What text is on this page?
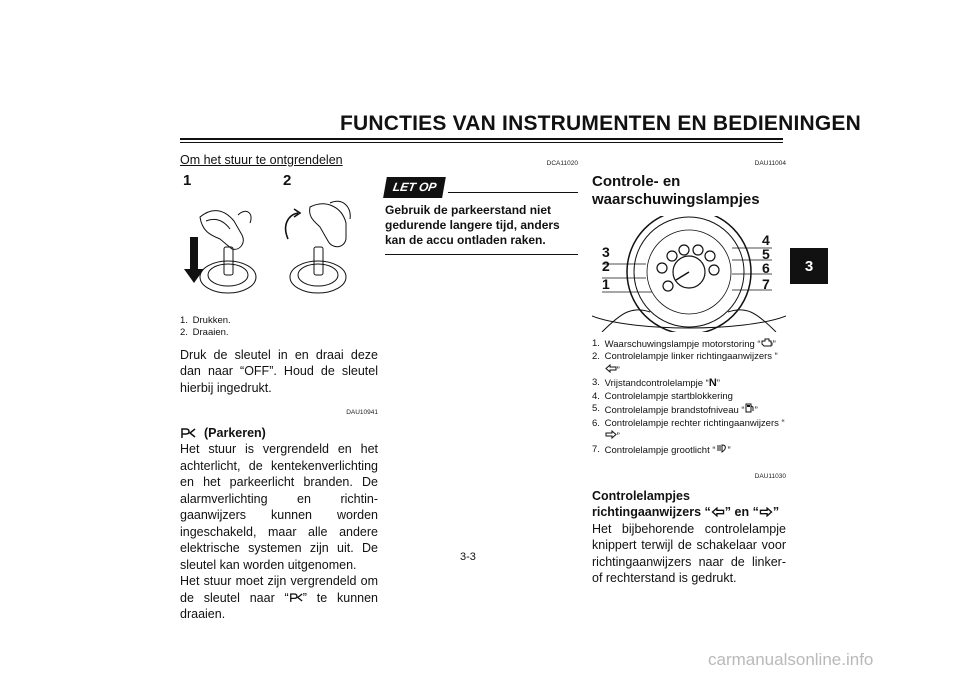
FUNCTIES VAN INSTRUMENTEN EN BEDIENINGEN
3

Om het stuur te ontgrendelen

1	2
1.
Drukken.
2.
Draaien.

Druk de sleutel in en draai deze dan naar “OFF”. Houd de sleutel hierbij ingedrukt.

DAU10941

(Parkeren)

Het stuur is vergrendeld en het achterlicht, de kentekenverlichting en het parkeerlicht branden. De alarmverlichting en richtingaanwijzers kunnen worden ingeschakeld, maar alle andere elektrische systemen zijn uit. De sleutel kan worden uitgenomen.

Het stuur moet zijn vergrendeld om de sleutel naar “ ” te kunnen draaien.

DCA11020
LET OP

Gebruik de parkeerstand niet gedurende langere tijd, anders kan de accu ontladen raken.

DAU11004

Controle- en waarschuwingslampjes

3
2
1
4
5
6
7
1.
Waarschuwingslampje motorstoring “ ”
2.
Controlelampje linker richtingaanwijzers “”
3.
Vrijstandcontrolelampje “N”
4.
Controlelampje startblokkering
5.
Controlelampje brandstofniveau “ ”
6.
Controlelampje rechter richtingaanwijzers “”
7.
Controlelampje grootlicht “ ”
DAU11030

Controlelampjes
richtingaanwijzers “ ” en “ ”

Het bijbehorende controlelampje knippert terwijl de schakelaar voor richtingaanwijzers naar de linker- of rechterstand is gedrukt.

3-3
carmanualsonline.info
